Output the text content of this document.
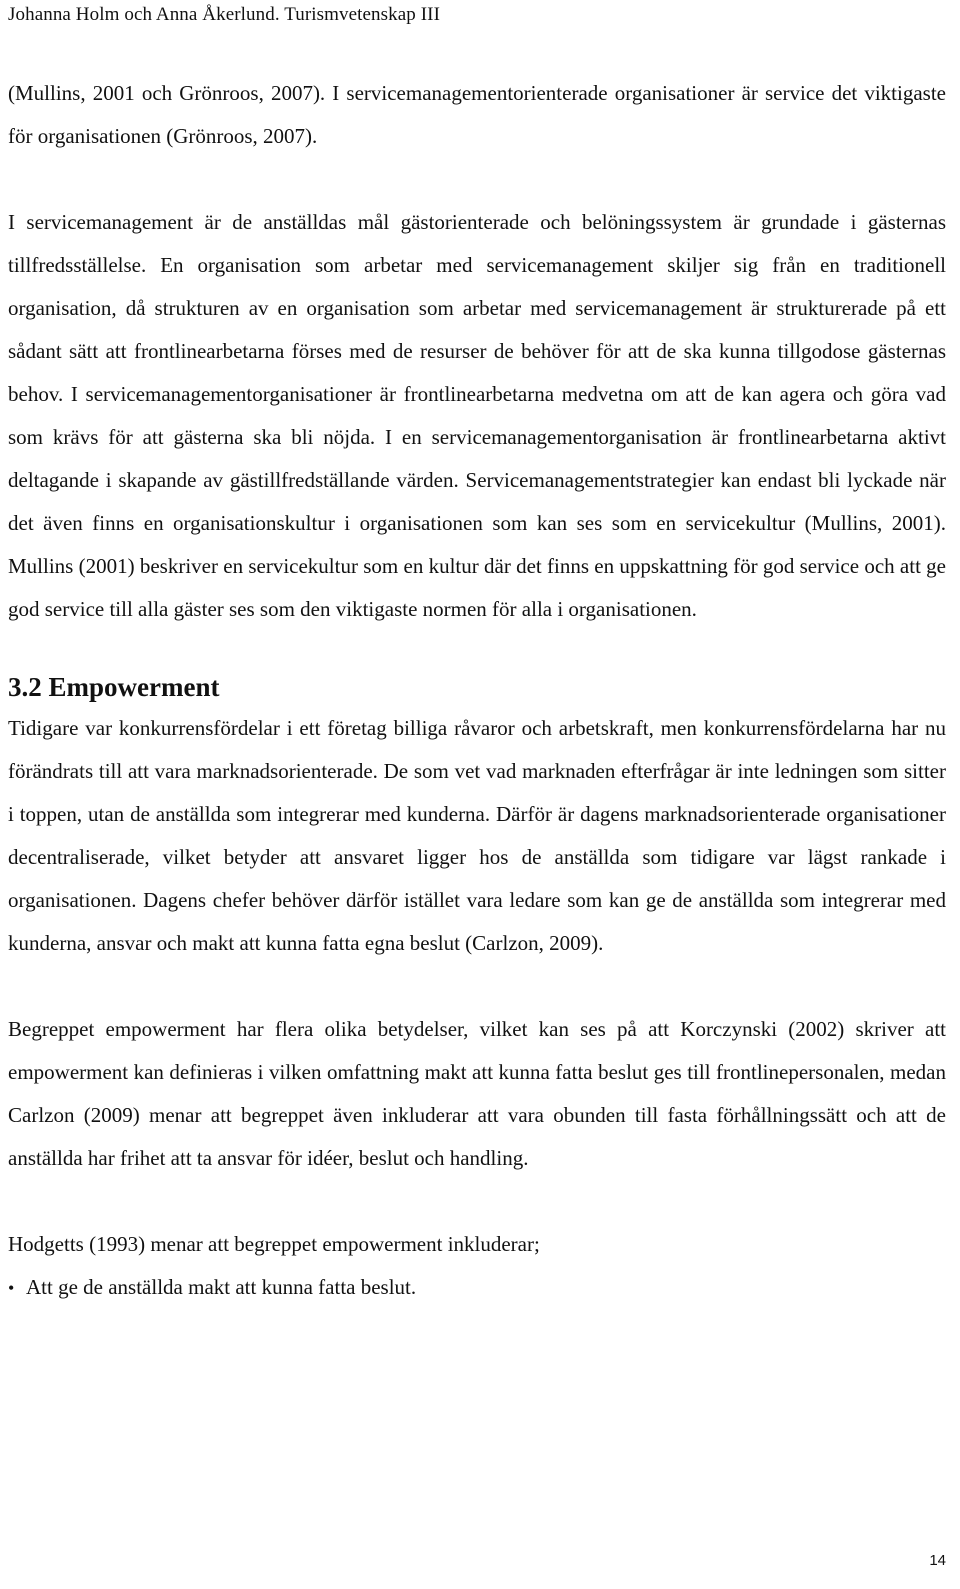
Johanna Holm och Anna Åkerlund. Turismvetenskap III

(Mullins, 2001 och Grönroos, 2007). I servicemanagementorienterade organisationer är service det viktigaste för organisationen (Grönroos, 2007).

I servicemanagement är de anställdas mål gästorienterade och belöningssystem är grundade i gästernas tillfredsställelse. En organisation som arbetar med servicemanagement skiljer sig från en traditionell organisation, då strukturen av en organisation som arbetar med servicemanagement är strukturerade på ett sådant sätt att frontlinearbetarna förses med de resurser de behöver för att de ska kunna tillgodose gästernas behov. I servicemanagementorganisationer är frontlinearbetarna medvetna om att de kan agera och göra vad som krävs för att gästerna ska bli nöjda. I en servicemanagementorganisation är frontlinearbetarna aktivt deltagande i skapande av gästillfredställande värden. Servicemanagementstrategier kan endast bli lyckade när det även finns en organisationskultur i organisationen som kan ses som en servicekultur (Mullins, 2001). Mullins (2001) beskriver en servicekultur som en kultur där det finns en uppskattning för god service och att ge god service till alla gäster ses som den viktigaste normen för alla i organisationen.

3.2 Empowerment

Tidigare var konkurrensfördelar i ett företag billiga råvaror och arbetskraft, men konkurrensfördelarna har nu förändrats till att vara marknadsorienterade. De som vet vad marknaden efterfrågar är inte ledningen som sitter i toppen, utan de anställda som integrerar med kunderna. Därför är dagens marknadsorienterade organisationer decentraliserade, vilket betyder att ansvaret ligger hos de anställda som tidigare var lägst rankade i organisationen. Dagens chefer behöver därför istället vara ledare som kan ge de anställda som integrerar med kunderna, ansvar och makt att kunna fatta egna beslut (Carlzon, 2009).

Begreppet empowerment har flera olika betydelser, vilket kan ses på att Korczynski (2002) skriver att empowerment kan definieras i vilken omfattning makt att kunna fatta beslut ges till frontlinepersonalen, medan Carlzon (2009) menar att begreppet även inkluderar att vara obunden till fasta förhållningssätt och att de anställda har frihet att ta ansvar för idéer, beslut och handling.

Hodgetts (1993) menar att begreppet empowerment inkluderar;

• Att ge de anställda makt att kunna fatta beslut.
14
